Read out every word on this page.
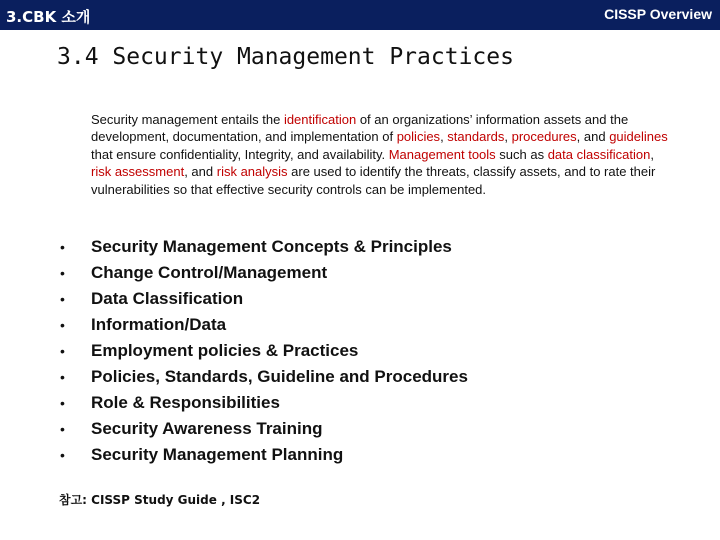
3.CBK 소개	CISSP Overview
3.4 Security Management Practices
Security management entails the identification of an organizations’ information assets and the development, documentation, and implementation of policies, standards, procedures, and guidelines that ensure confidentiality, Integrity, and availability. Management tools such as data classification, risk assessment, and risk analysis are used to identify the threats, classify assets, and to rate their vulnerabilities so that effective security controls can be implemented.
• Security Management Concepts & Principles
• Change Control/Management
• Data Classification
• Information/Data
• Employment policies & Practices
• Policies, Standards, Guideline and Procedures
• Role & Responsibilities
• Security Awareness Training
• Security Management Planning
참고: CISSP Study Guide , ISC2
